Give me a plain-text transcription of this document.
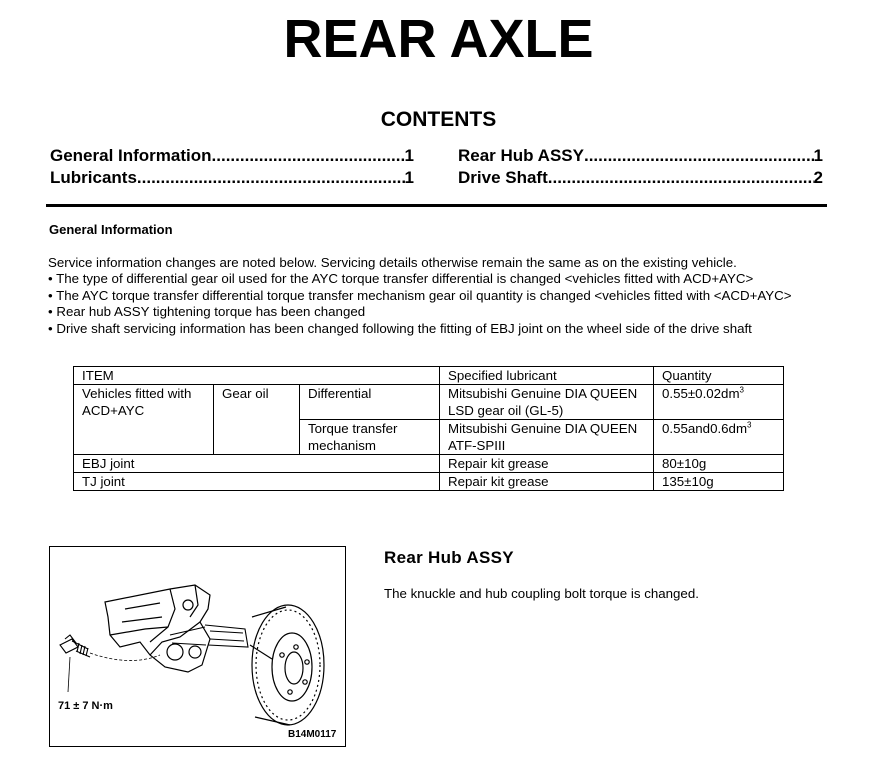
REAR AXLE
CONTENTS
General Information .....	1
Lubricants .....	1
Rear Hub ASSY .....	1
Drive Shaft .....	2
General Information
Service information changes are noted below. Servicing details otherwise remain the same as on the existing vehicle.
• The type of differential gear oil used for the AYC torque transfer differential is changed <vehicles fitted with ACD+AYC>
• The AYC torque transfer differential torque transfer mechanism gear oil quantity is changed <vehicles fitted with <ACD+AYC>
• Rear hub ASSY tightening torque has been changed
• Drive shaft servicing information has been changed following the fitting of EBJ joint on the wheel side of the drive shaft
ITEM			Specified lubricant	Quantity
Vehicles fitted with ACD+AYC	Gear oil	Differential	Mitsubishi Genuine DIA QUEEN LSD gear oil (GL-5)	$0.55\pm 0.02dm^3$
		Torque transfer mechanism	Mitsubishi Genuine DIA QUEEN ATF-SPIII	$0.55and0.6dm^3$
EBJ joint			Repair kit grease	80±10g
TJ joint			Repair kit grease	135±10g
71 ± 7 N·m
B14M0117
Rear Hub ASSY
The knuckle and hub coupling bolt torque is changed.
